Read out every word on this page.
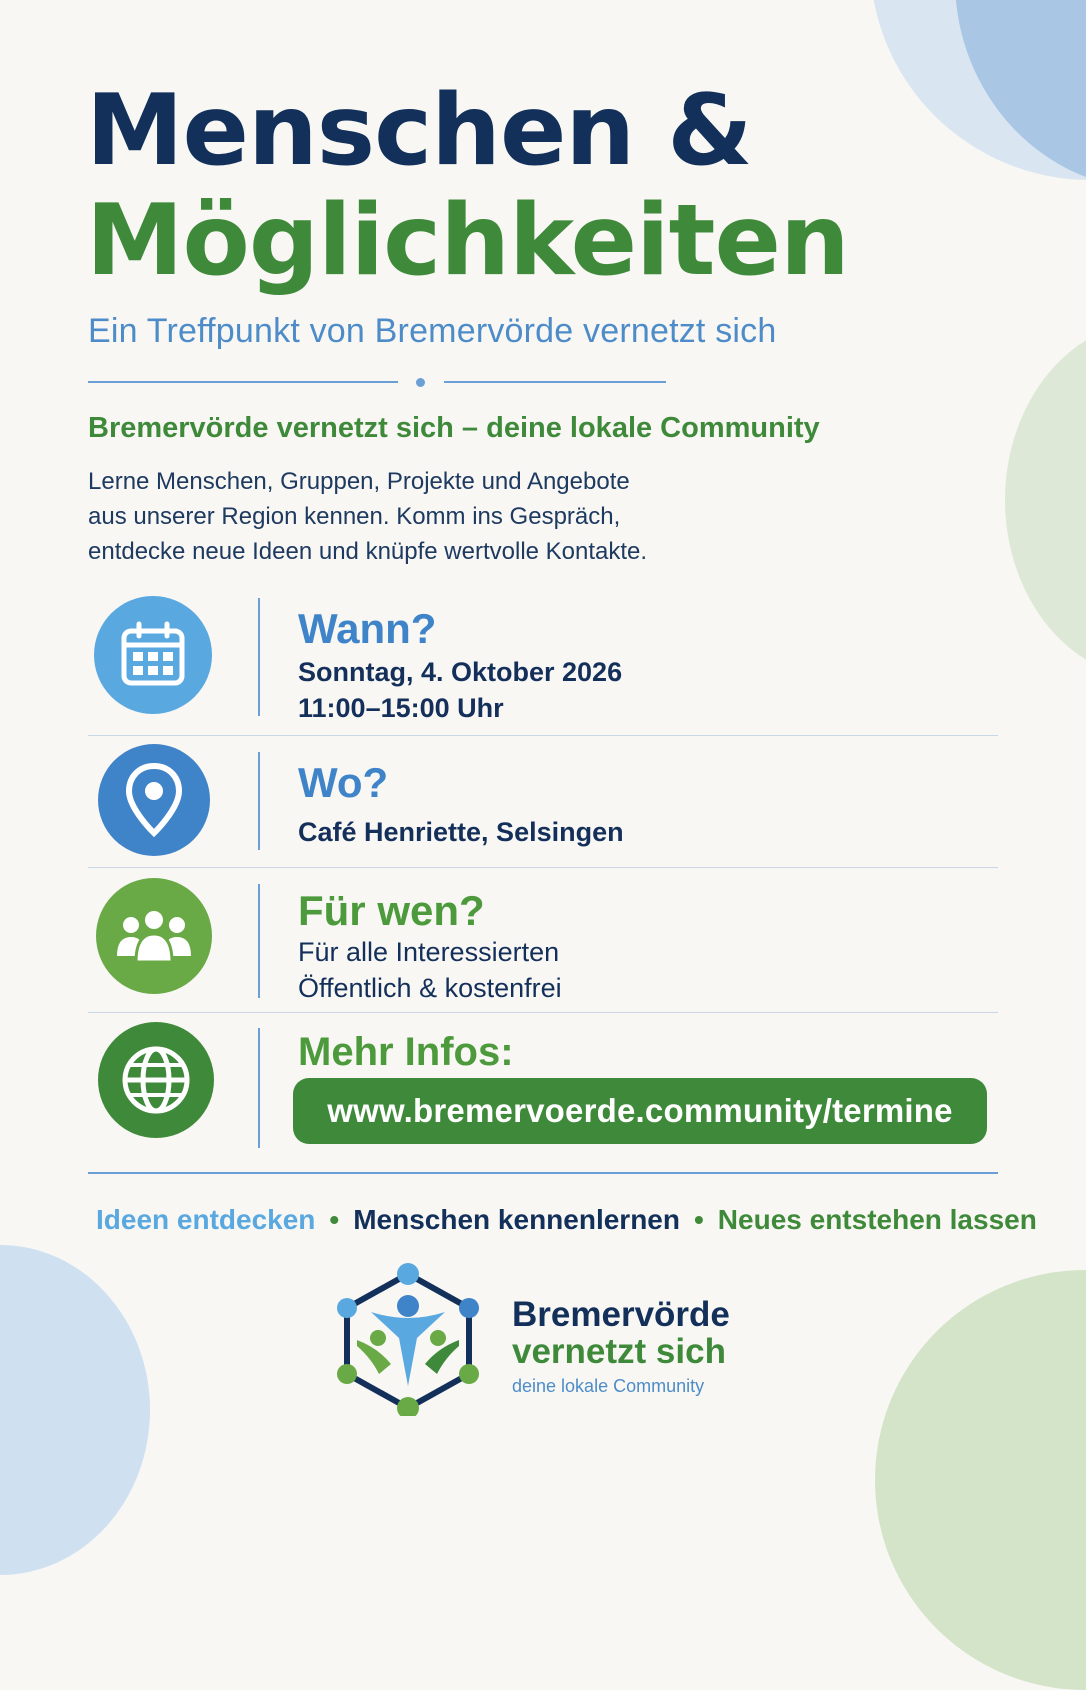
Menschen &
Möglichkeiten

Ein Treffpunkt von Bremervörde vernetzt sich

Bremervörde vernetzt sich – deine lokale Community

Lerne Menschen, Gruppen, Projekte und Angebote
aus unserer Region kennen. Komm ins Gespräch,
entdecke neue Ideen und knüpfe wertvolle Kontakte.

Wann?

Sonntag, 4. Oktober 2026
11:00–15:00 Uhr

Wo?

Café Henriette, Selsingen

Für wen?

Für alle Interessierten
Öffentlich & kostenfrei

Mehr Infos:
www.bremervoerde.community/termine

Ideen entdecken • Menschen kennenlernen • Neues entstehen lassen

Bremervörde

vernetzt sich

deine lokale Community
